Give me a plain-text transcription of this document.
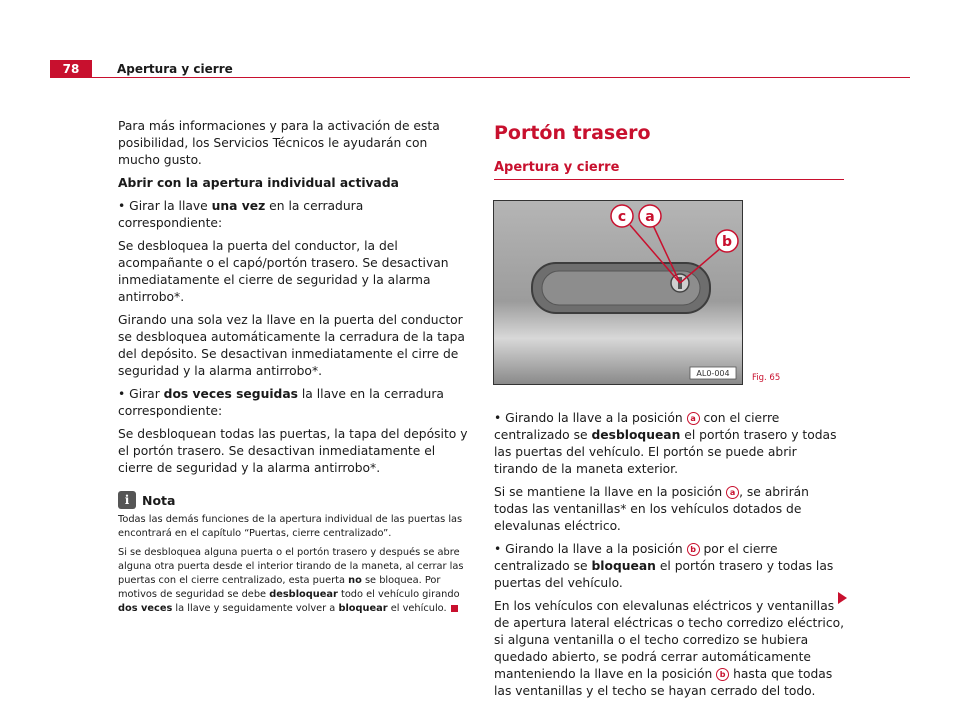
78	Apertura y cierre

Para más informaciones y para la activación de esta posibilidad, los Servicios Técnicos le ayudarán con mucho gusto.

Abrir con la apertura individual activada

• Girar la llave una vez en la cerradura correspondiente:

Se desbloquea la puerta del conductor, la del acompañante o el capó/portón trasero. Se desactivan inmediatamente el cierre de seguridad y la alarma antirrobo*.

Girando una sola vez la llave en la puerta del conductor se desbloquea automáticamente la cerradura de la tapa del depósito. Se desactivan inmediatamente el cirre de seguridad y la alarma antirrobo*.

• Girar dos veces seguidas la llave en la cerradura correspondiente:

Se desbloquean todas las puertas, la tapa del depósito y el portón trasero. Se desactivan inmediatamente el cierre de seguridad y la alarma antirrobo*.

i	Nota

Todas las demás funciones de la apertura individual de las puertas las encontrará en el capítulo “Puertas, cierre centralizado”.

Si se desbloquea alguna puerta o el portón trasero y después se abre alguna otra puerta desde el interior tirando de la maneta, al cerrar las puertas con el cierre centralizado, esta puerta no se bloquea. Por motivos de seguridad se debe desbloquear todo el vehículo girando dos veces la llave y seguidamente volver a bloquear el vehículo.

Portón trasero
Apertura y cierre
c a
b
AL0-004	Fig. 65

• Girando la llave a la posición a con el cierre centralizado se desbloquean el portón trasero y todas las puertas del vehículo. El portón se puede abrir tirando de la maneta exterior.

Si se mantiene la llave en la posición a , se abrirán todas las ventanillas* en los vehículos dotados de elevalunas eléctrico.

• Girando la llave a la posición b por el cierre centralizado se bloquean el portón trasero y todas las puertas del vehículo.

En los vehículos con elevalunas eléctricos y ventanillas de apertura lateral eléctricas o techo corredizo eléctrico, si alguna ventanilla o el techo corredizo se hubiera quedado abierto, se podrá cerrar automáticamente manteniendo la llave en la posición b hasta que todas las ventanillas y el techo se hayan cerrado del todo.
